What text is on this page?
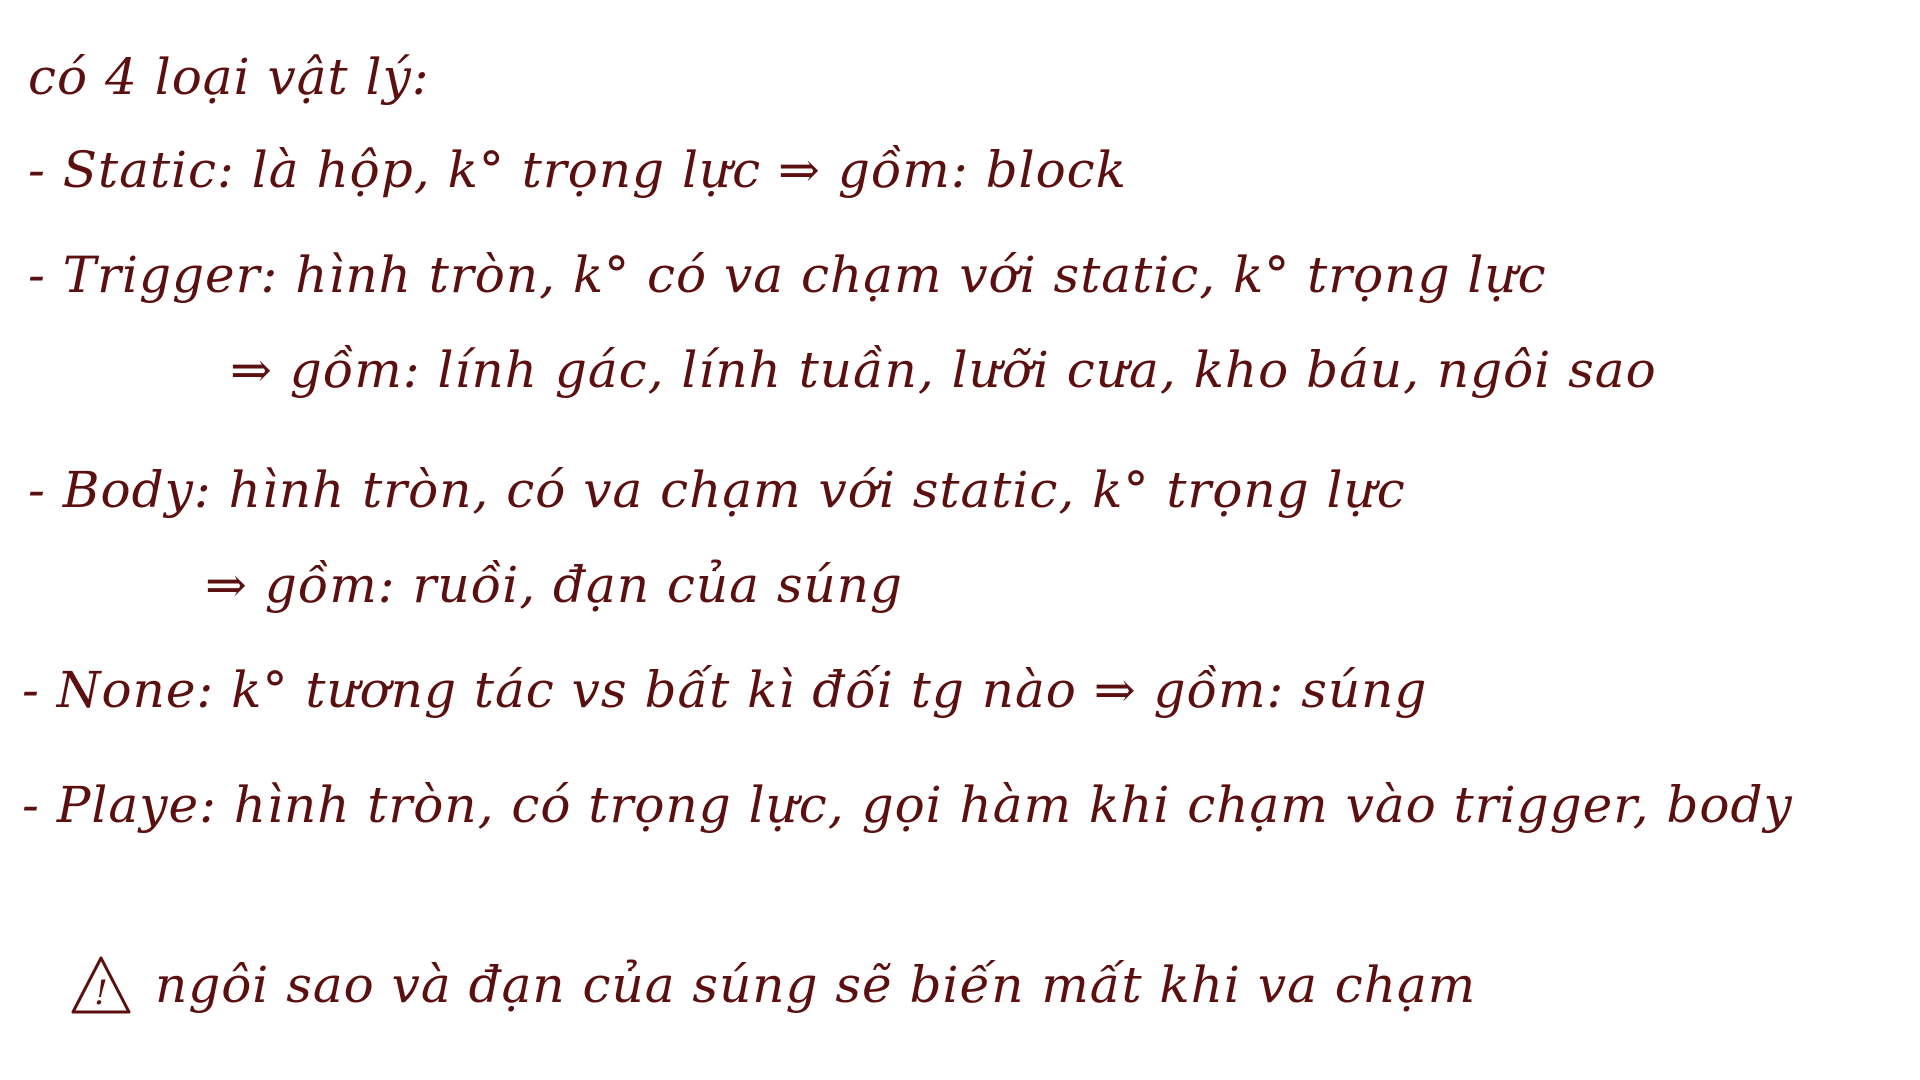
có 4 loại vật lý:
- Static: là hộp, k° trọng lực ⇒ gồm: block
- Trigger: hình tròn, k° có va chạm với static, k° trọng lực
⇒ gồm: lính gác, lính tuần, lưỡi cưa, kho báu, ngôi sao
- Body: hình tròn, có va chạm với static, k° trọng lực
⇒ gồm: ruồi, đạn của súng
- None: k° tương tác vs bất kì đối tg nào ⇒ gồm: súng
- Playe: hình tròn, có trọng lực, gọi hàm khi chạm vào trigger, body
! ngôi sao và đạn của súng sẽ biến mất khi va chạm
